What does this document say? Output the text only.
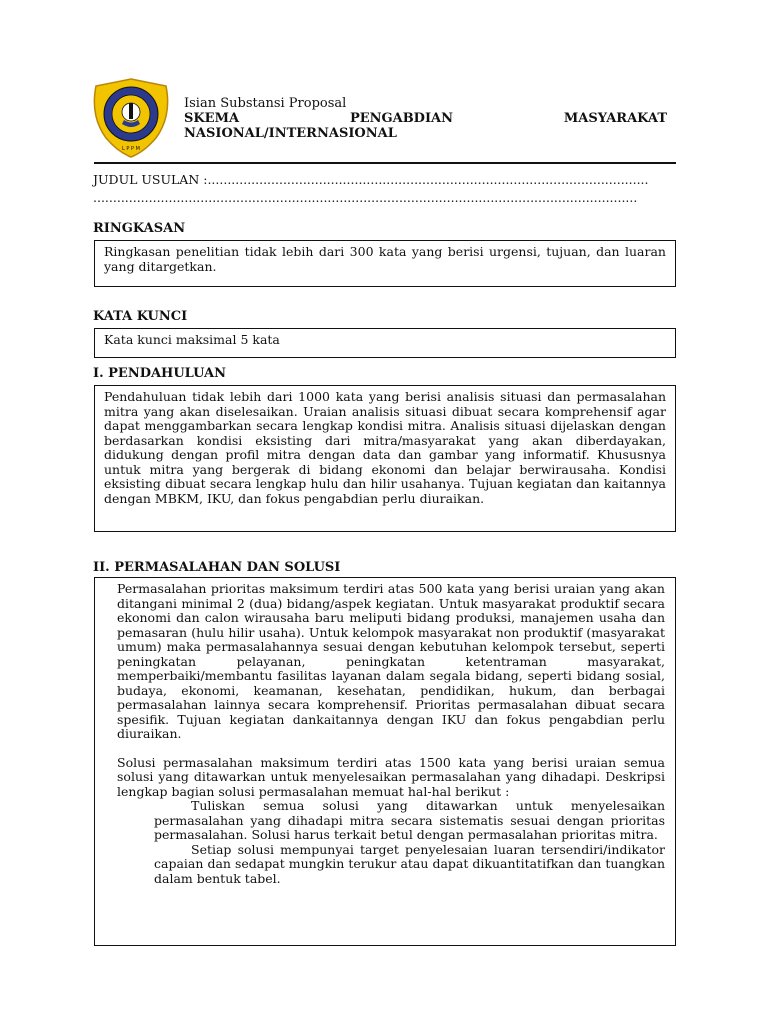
L P P M
Isian Substansi Proposal
SKEMA	PENGABDIAN	MASYARAKAT
NASIONAL/INTERNASIONAL
JUDUL USULAN :...............................................................................................................
.........................................................................................................................................
RINGKASAN

Ringkasan penelitian tidak lebih dari 300 kata yang berisi urgensi, tujuan, dan luaran yang ditargetkan.

KATA KUNCI

Kata kunci maksimal 5 kata

I. PENDAHULUAN

Pendahuluan tidak lebih dari 1000 kata yang berisi analisis situasi dan permasalahan mitra yang akan diselesaikan. Uraian analisis situasi dibuat secara komprehensif agar dapat menggambarkan secara lengkap kondisi mitra. Analisis situasi dijelaskan dengan berdasarkan kondisi eksisting dari mitra/masyarakat yang akan diberdayakan, didukung dengan profil mitra dengan data dan gambar yang informatif. Khususnya untuk mitra yang bergerak di bidang ekonomi dan belajar berwirausaha. Kondisi eksisting dibuat secara lengkap hulu dan hilir usahanya. Tujuan kegiatan dan kaitannya dengan MBKM, IKU, dan fokus pengabdian perlu diuraikan.

II. PERMASALAHAN DAN SOLUSI

Permasalahan prioritas maksimum terdiri atas 500 kata yang berisi uraian yang akan ditangani minimal 2 (dua) bidang/aspek kegiatan. Untuk masyarakat produktif secara ekonomi dan calon wirausaha baru meliputi bidang produksi, manajemen usaha dan pemasaran (hulu hilir usaha). Untuk kelompok masyarakat non produktif (masyarakat umum) maka permasalahannya sesuai dengan kebutuhan kelompok tersebut, seperti peningkatan pelayanan, peningkatan ketentraman masyarakat, memperbaiki/membantu fasilitas layanan dalam segala bidang, seperti bidang sosial, budaya, ekonomi, keamanan, kesehatan, pendidikan, hukum, dan berbagai permasalahan lainnya secara komprehensif. Prioritas permasalahan dibuat secara spesifik. Tujuan kegiatan dankaitannya dengan IKU dan fokus pengabdian perlu diuraikan.

Solusi permasalahan maksimum terdiri atas 1500 kata yang berisi uraian semua solusi yang ditawarkan untuk menyelesaikan permasalahan yang dihadapi. Deskripsi lengkap bagian solusi permasalahan memuat hal-hal berikut :

Tuliskan semua solusi yang ditawarkan untuk menyelesaikan permasalahan yang dihadapi mitra secara sistematis sesuai dengan prioritas permasalahan. Solusi harus terkait betul dengan permasalahan prioritas mitra.

Setiap solusi mempunyai target penyelesaian luaran tersendiri/indikator capaian dan sedapat mungkin terukur atau dapat dikuantitatifkan dan tuangkan dalam bentuk tabel.
